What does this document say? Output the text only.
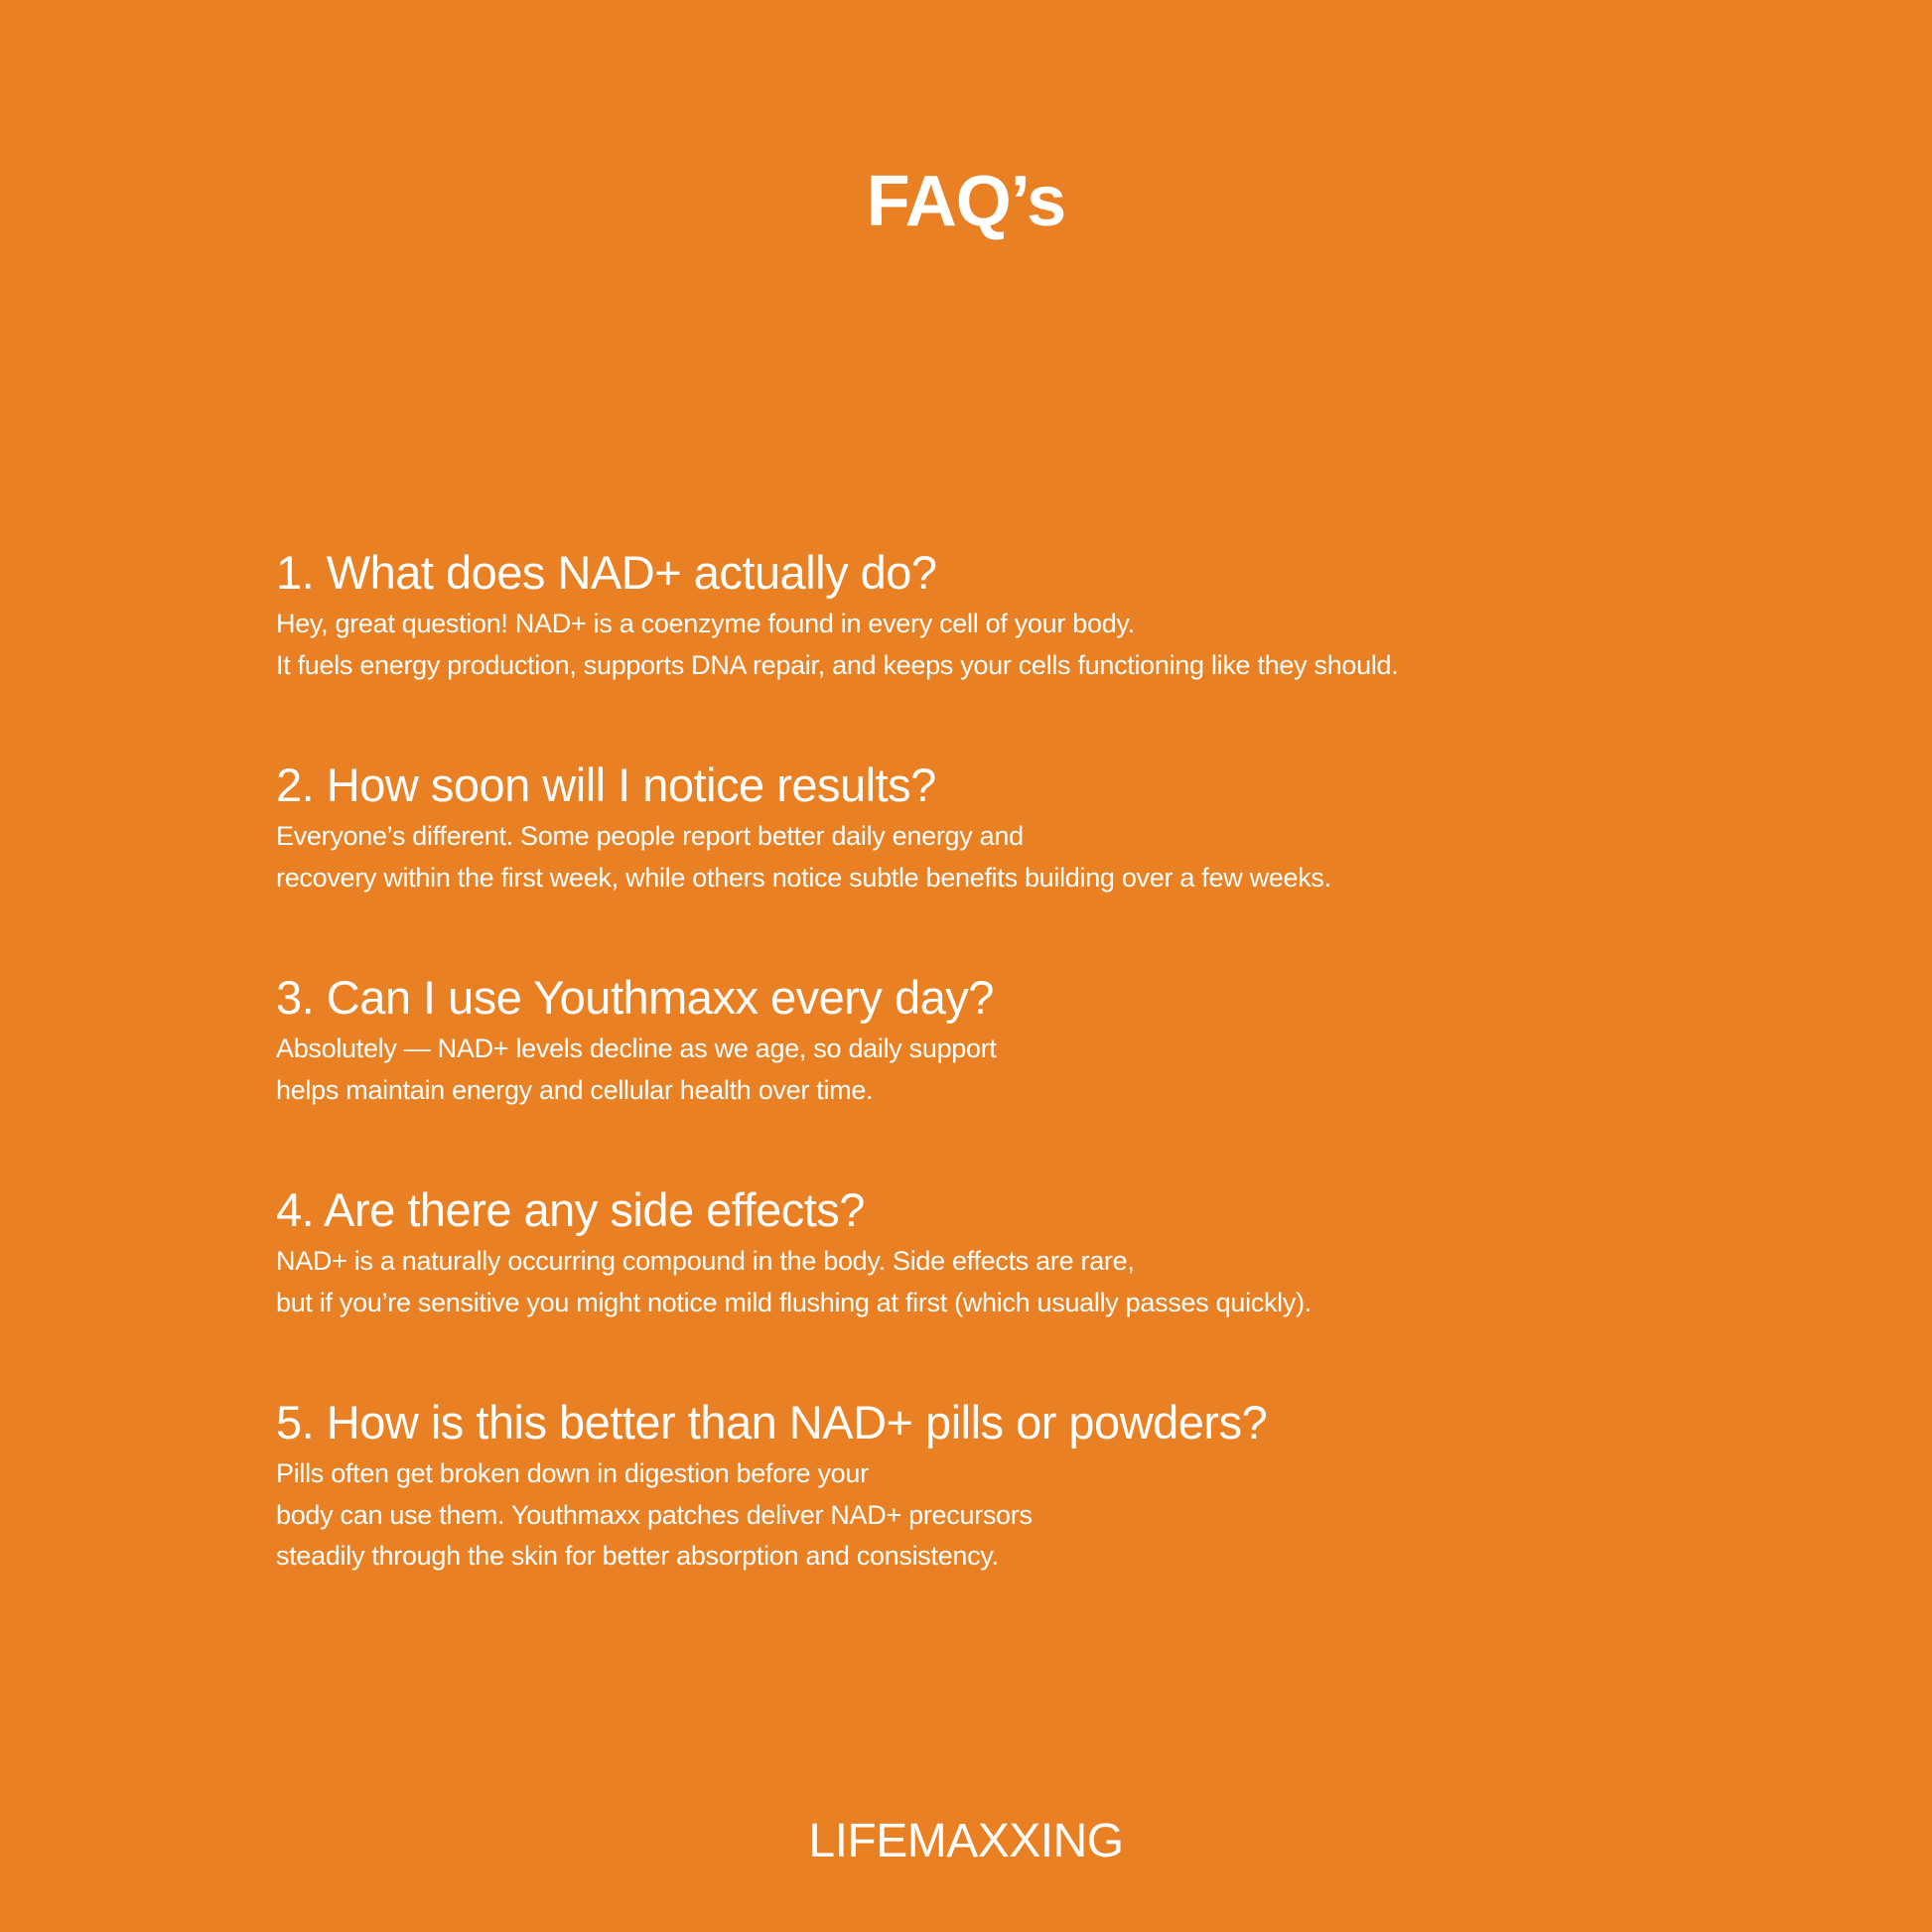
FAQ’s
1. What does NAD+ actually do?
Hey, great question! NAD+ is a coenzyme found in every cell of your body.
It fuels energy production, supports DNA repair, and keeps your cells functioning like they should.
2. How soon will I notice results?
Everyone’s different. Some people report better daily energy and
recovery within the first week, while others notice subtle benefits building over a few weeks.
3. Can I use Youthmaxx every day?
Absolutely — NAD+ levels decline as we age, so daily support
helps maintain energy and cellular health over time.
4. Are there any side effects?
NAD+ is a naturally occurring compound in the body. Side effects are rare,
but if you’re sensitive you might notice mild flushing at first (which usually passes quickly).
5. How is this better than NAD+ pills or powders?
Pills often get broken down in digestion before your
body can use them. Youthmaxx patches deliver NAD+ precursors
steadily through the skin for better absorption and consistency.
LIFEMAXXING
